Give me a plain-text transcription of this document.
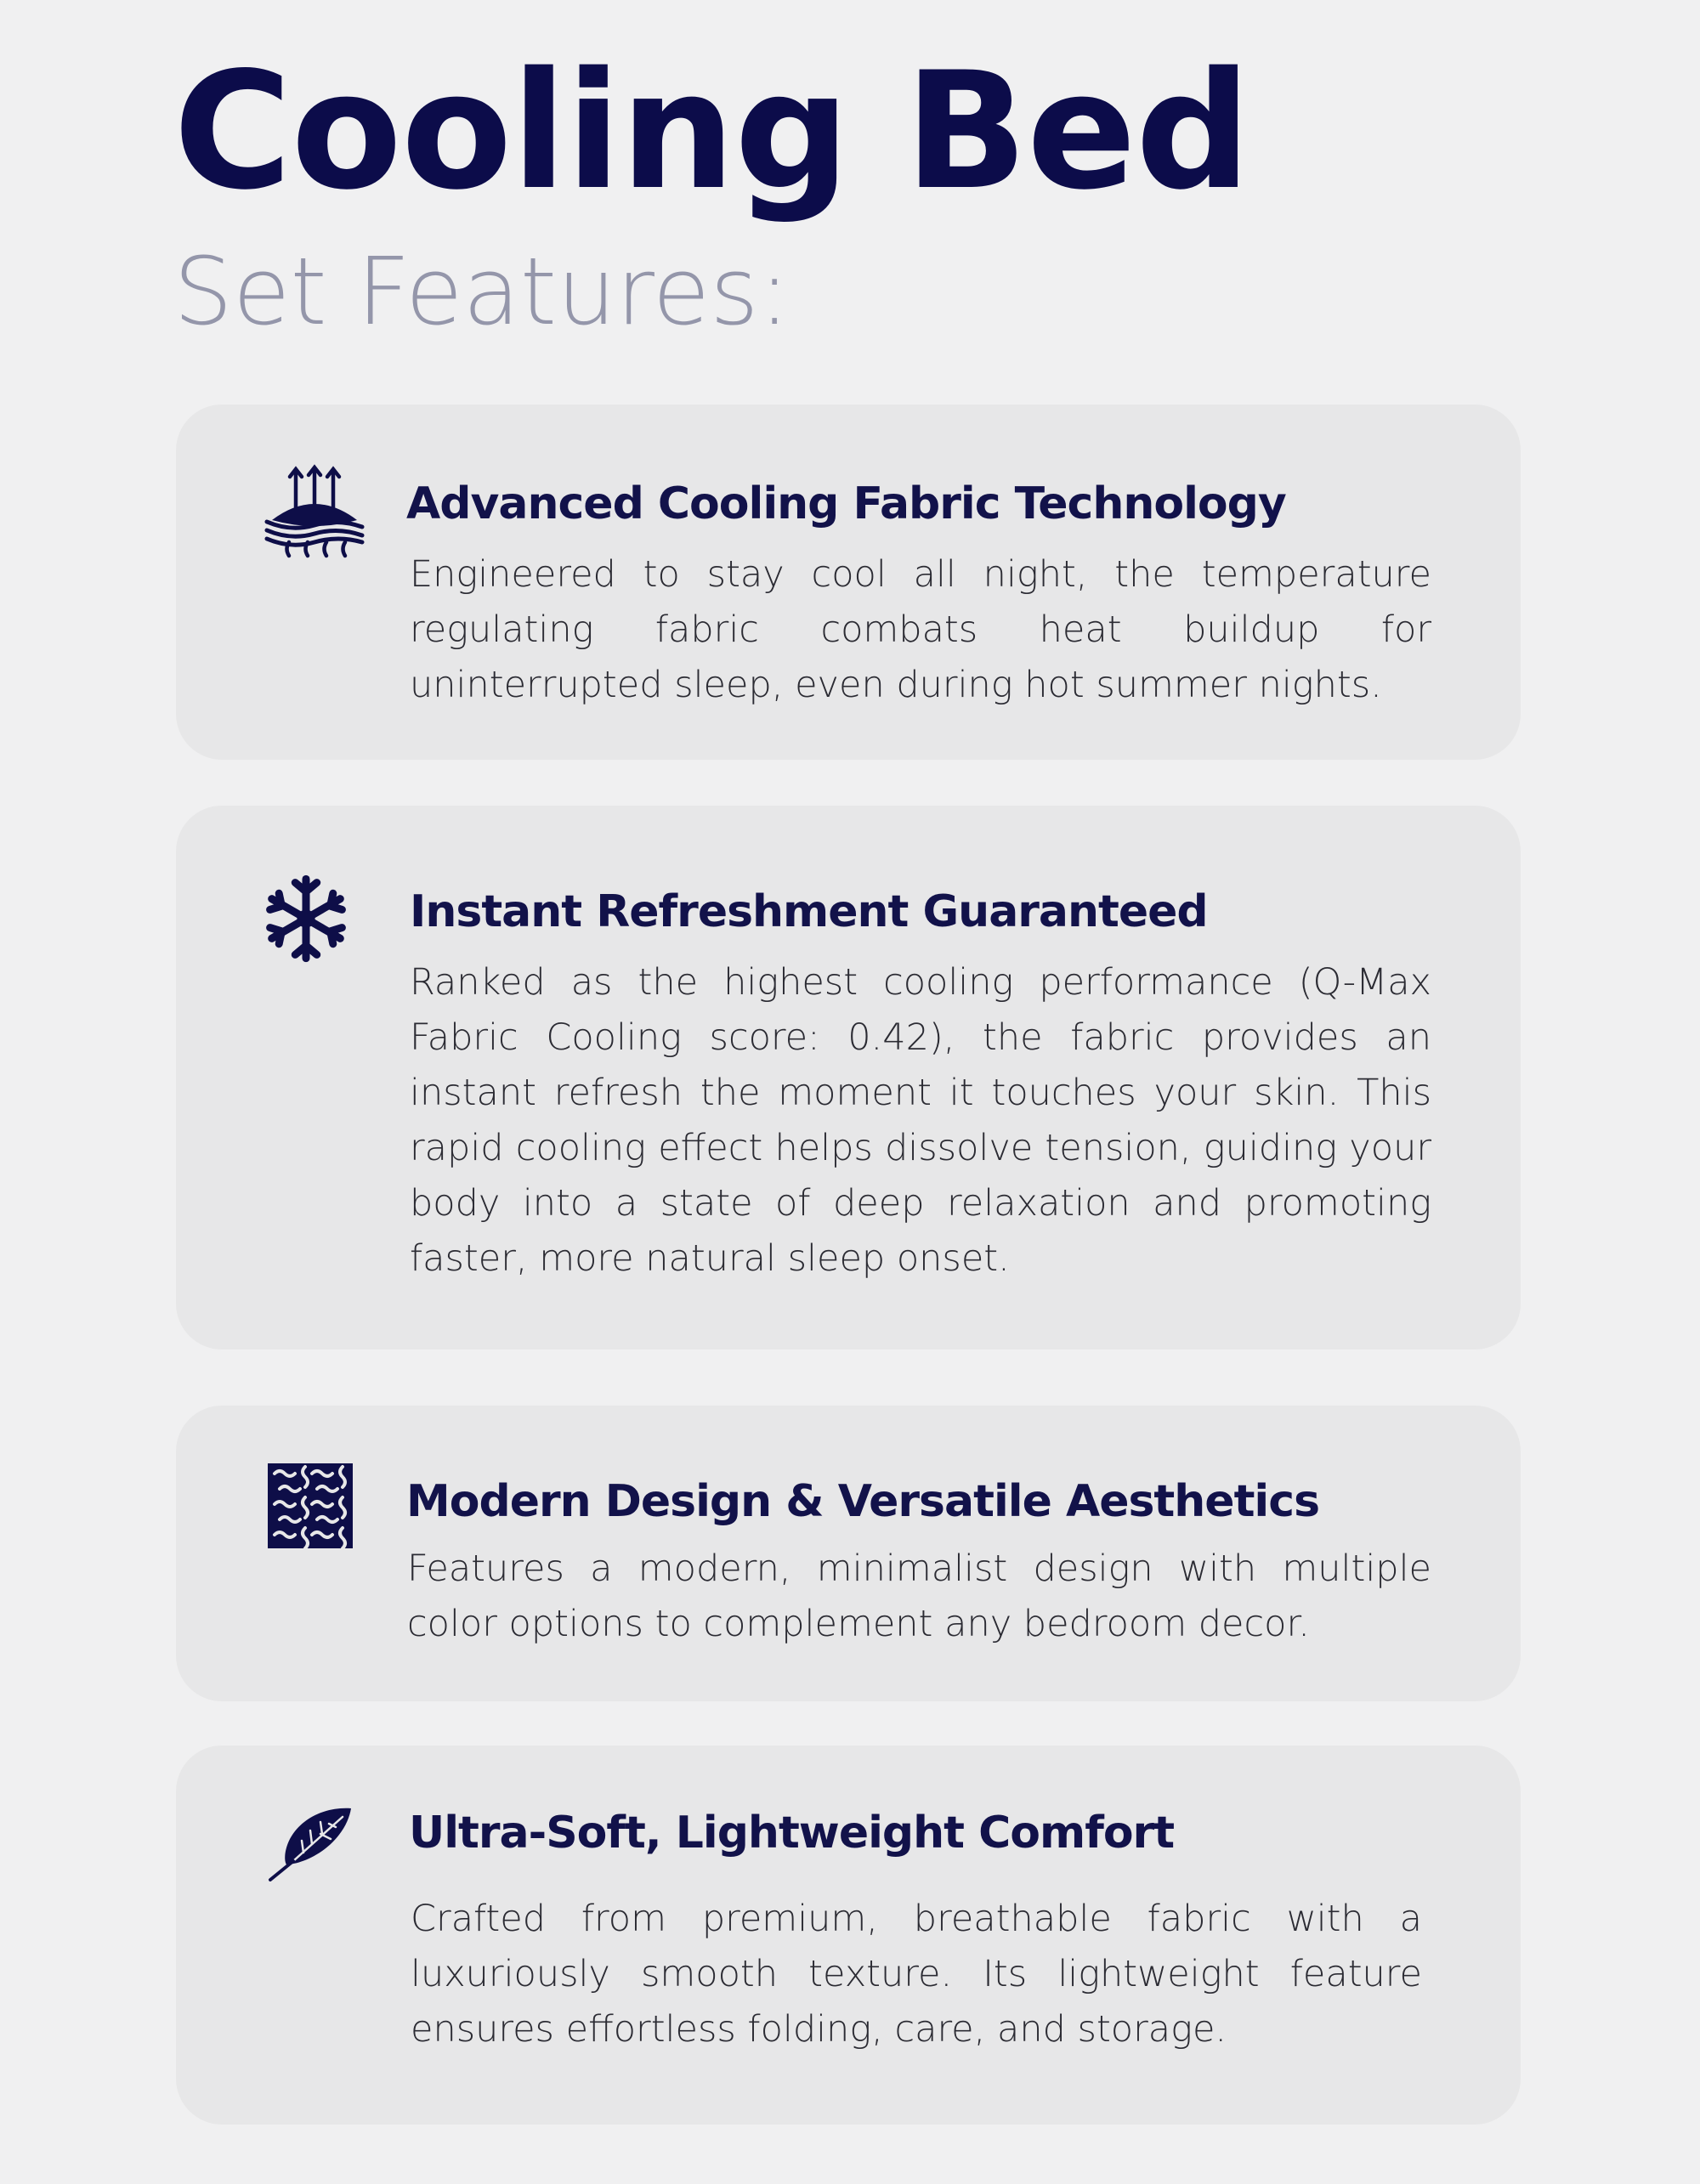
Cooling Bed
Set Features:
Advanced Cooling Fabric Technology

Engineered to stay cool all night, the temperature regulating fabric combats heat buildup for uninterrupted sleep, even during hot summer nights.

Instant Refreshment Guaranteed

Ranked as the highest cooling performance (Q-Max Fabric Cooling score: 0.42), the fabric provides an instant refresh the moment it touches your skin. This rapid cooling effect helps dissolve tension, guiding your body into a state of deep relaxation and promoting faster, more natural sleep onset.

Modern Design & Versatile Aesthetics

Features a modern, minimalist design with multiple color options to complement any bedroom decor.

Ultra-Soft, Lightweight Comfort

Crafted from premium, breathable fabric with a luxuriously smooth texture. Its lightweight feature ensures effortless folding, care, and storage.
